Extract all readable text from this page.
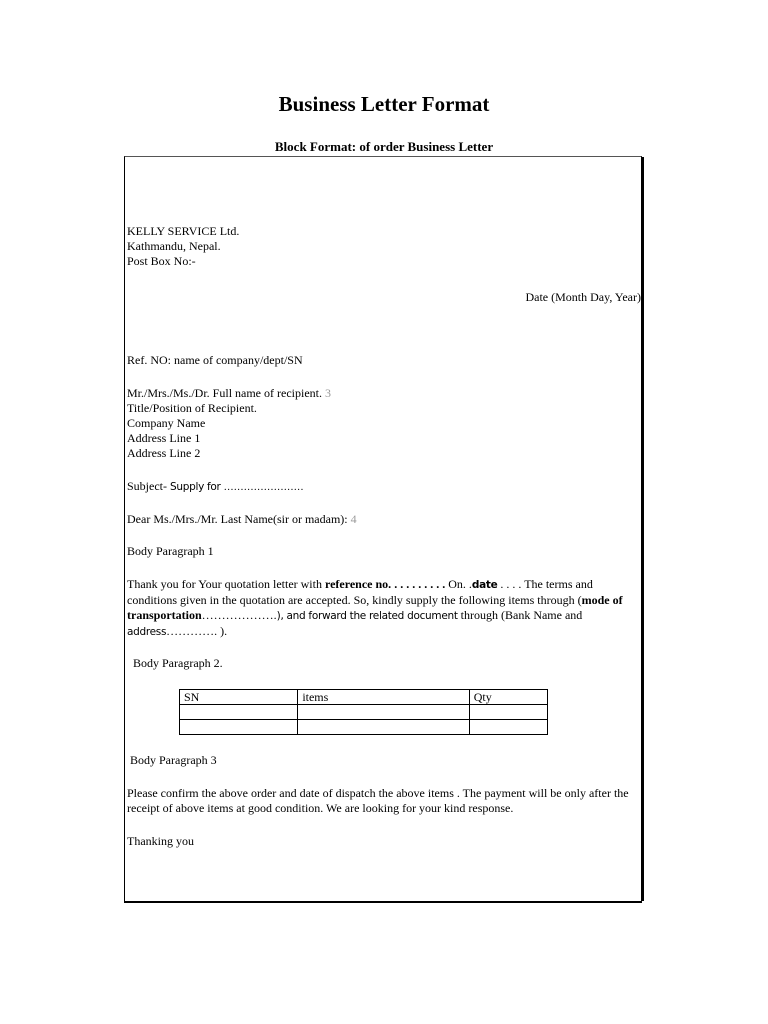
Business Letter Format
Block Format: of order Business Letter
KELLY SERVICE Ltd.
Kathmandu, Nepal.
Post Box No:-
Date (Month Day, Year)
Ref. NO: name of company/dept/SN
Mr./Mrs./Ms./Dr. Full name of recipient. 3
Title/Position of Recipient.
Company Name
Address Line 1
Address Line 2
Subject- Supply for ……………………
Dear Ms./Mrs./Mr. Last Name(sir or madam): 4
Body Paragraph 1
Thank you for Your quotation letter with reference no. . . . . . . . . . On. .date . . . . The terms and conditions given in the quotation are accepted. So, kindly supply the following items through (mode of transportation……………….), and forward the related document through (Bank Name and address…………. ).
Body Paragraph 2.
SN	items	Qty

Body Paragraph 3
Please confirm the above order and date of dispatch the above items . The payment will be only after the receipt of above items at good condition. We are looking for your kind response.
Thanking you
